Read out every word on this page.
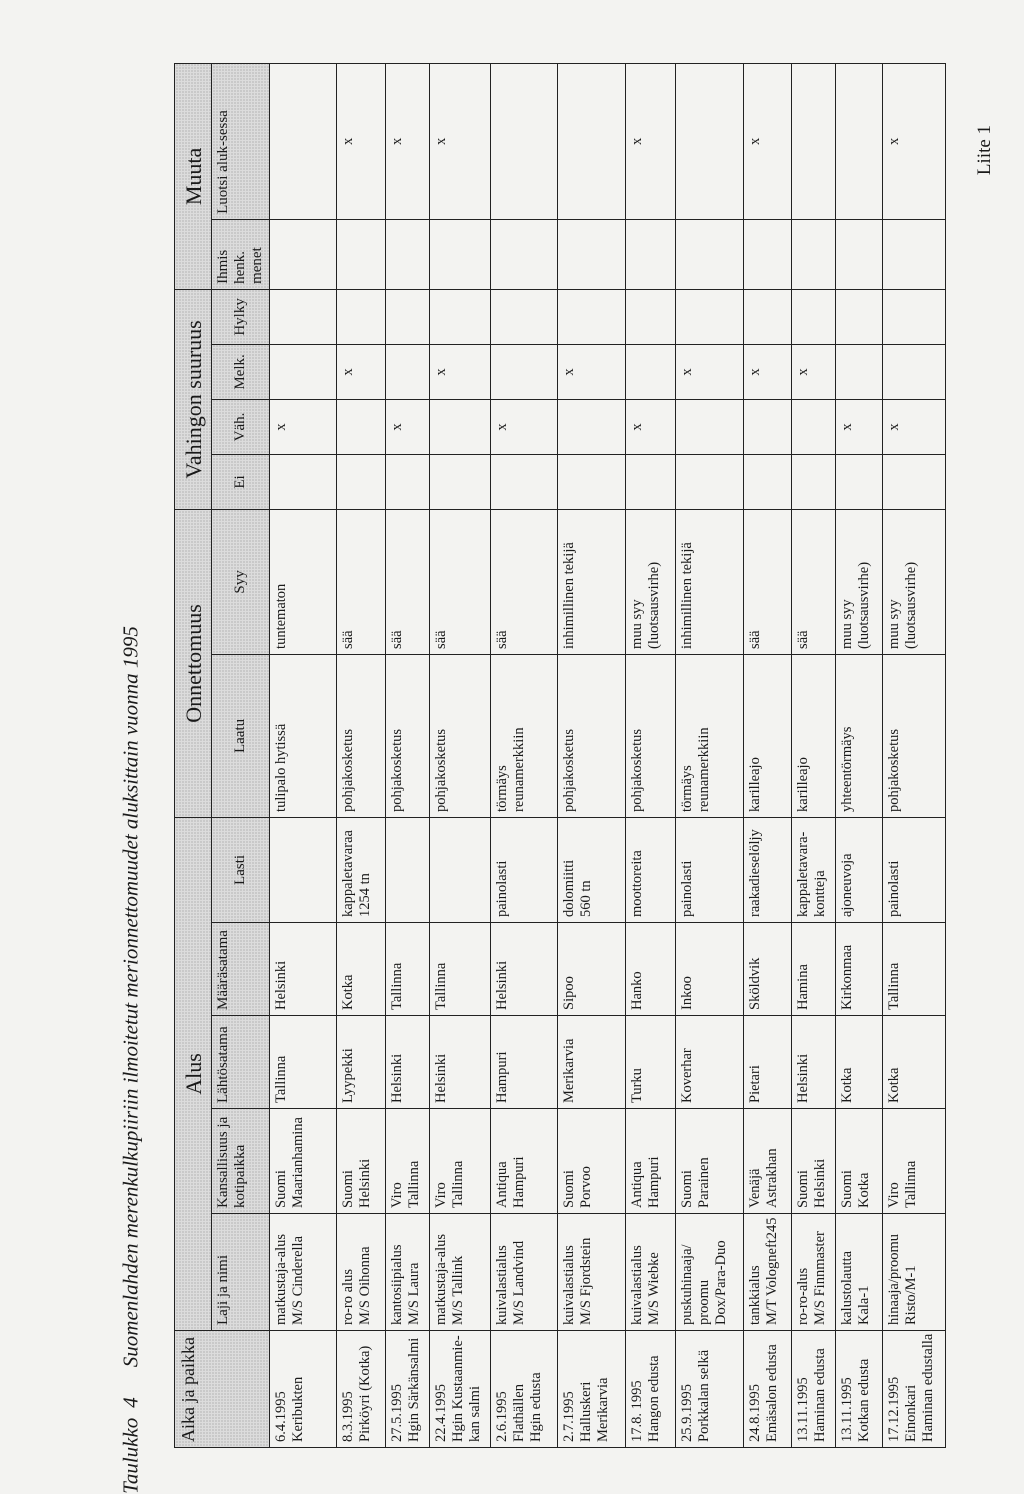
Liite 1
Taulukko4Suomenlahden merenkulkupiiriin ilmoitetut merionnettomuudet aluksittain vuonna 1995
Aika ja paikka	Alus					Onnettomuus		Vahingon suuruus				Muuta		
	Laji ja nimi	Kansallisuus ja kotipaikka	Lähtösatama	Määräsatama	Lasti	Laatu	Syy	Ei	Väh.	Melk.	Hylky	Ihmis henk. menet	Luotsi aluk-sessa	

6.4.1995 Keribukten	matkustaja-alus M/S Cinderella	Suomi Maarianhamina	Tallinna	Helsinki		tulipalo hytissä	tuntematon		x					

8.3.1995 Pirköyri (Kotka)	ro-ro alus M/S Oihonna	Suomi Helsinki	Lyypekki	Kotka	kappaletavaraa 1254 tn	pohjakosketus	sää			x			x	

27.5.1995 Hgin Särkänsalmi	kantosiipialus M/S Laura	Viro Tallinna	Helsinki	Tallinna		pohjakosketus	sää		x				x	

22.4.1995 Hgin Kustaanmie- kan salmi	matkustaja-alus M/S Tallink	Viro Tallinna	Helsinki	Tallinna		pohjakosketus	sää			x			x	

2.6.1995 Flathällen Hgin edusta	kuivalastialus M/S Landvind	Antiqua Hampuri	Hampuri	Helsinki	painolasti	törmäys reunamerkkiin	sää		x					

2.7.1995 Halluskeri Merikarvia	kuivalastialus M/S Fjordstein	Suomi Porvoo	Merikarvia	Sipoo	dolomiitti 560 tn	pohjakosketus	inhimillinen tekijä			x				

17.8. 1995 Hangon edusta	kuivalastialus M/S Wiebke	Antiqua Hampuri	Turku	Hanko	moottoreita	pohjakosketus	muu syy (luotsausvirhe)		x				x	

25.9.1995 Porkkalan selkä	puskuhinaaja/ proomu Dox/Para-Duo	Suomi Parainen	Koverhar	Inkoo	painolasti	törmäys reunamerkkiin	inhimillinen tekijä			x				

24.8.1995 Emäsalon edusta	tankkialus M/T Vologneft245	Venäjä Astrakhan	Pietari	Sköldvik	raakadieselöljy	karilleajo	sää			x			x	

13.11.1995 Haminan edusta	ro-ro-alus M/S Finnmaster	Suomi Helsinki	Helsinki	Hamina	kappaletavara- kontteja	karilleajo	sää			x				

13.11.1995 Kotkan edusta	kalustolautta Kala-1	Suomi Kotka	Kotka	Kirkonmaa	ajoneuvoja	yhteentörmäys	muu syy (luotsausvirhe)		x					

17.12.1995 Einonkari Haminan edustalla	hinaaja/proomu Risto/M-1	Viro Tallinna	Kotka	Tallinna	painolasti	pohjakosketus	muu syy (luotsausvirhe)		x				x	
